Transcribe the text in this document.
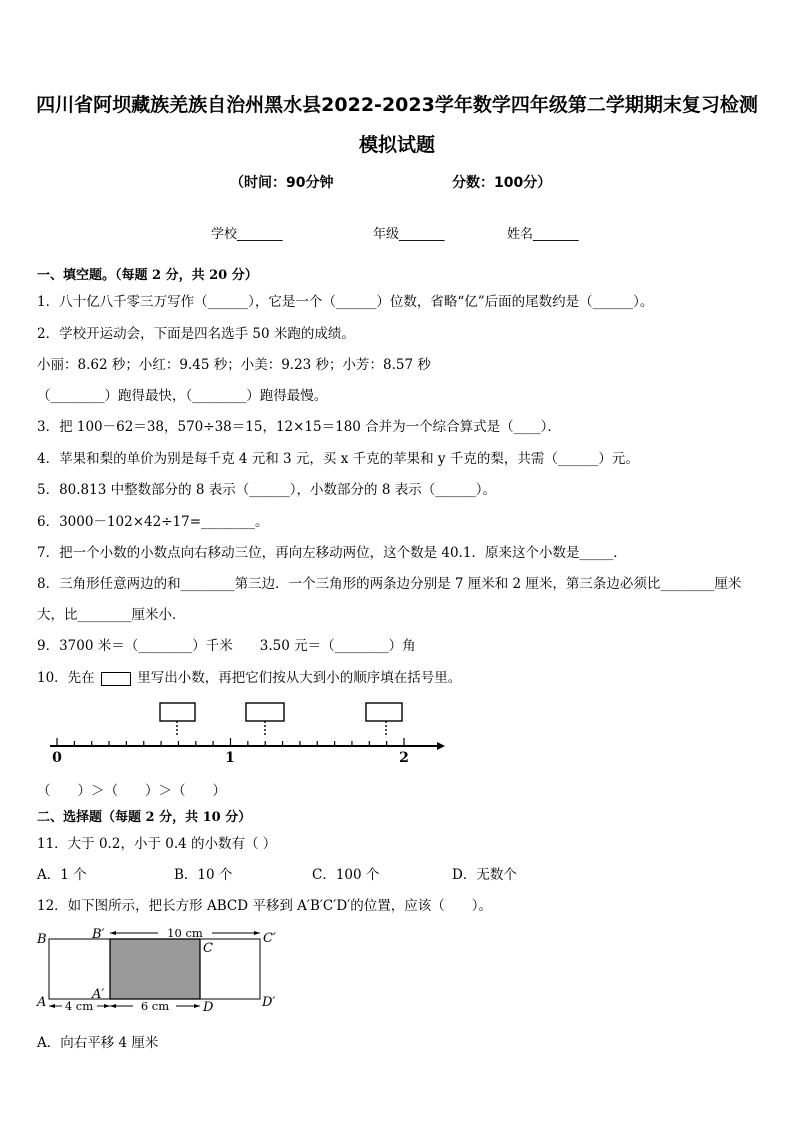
四川省阿坝藏族羌族自治州黑水县2022-2023学年数学四年级第二学期期末复习检测
模拟试题
（时间：90分钟	分数：100分）
学校_______	年级_______	姓名_______
一、填空题。（每题 2 分，共 20 分）
1．八十亿八千零三万写作（______），它是一个（______）位数，省略“亿”后面的尾数约是（______）。
2．学校开运动会，下面是四名选手 50 米跑的成绩。
小丽：8.62 秒；小红：9.45 秒；小美：9.23 秒；小芳：8.57 秒
（________）跑得最快，（________）跑得最慢。
3．把 100－62＝38，570÷38＝15，12×15＝180 合并为一个综合算式是（____）．
4．苹果和梨的单价为别是每千克 4 元和 3 元，买 x 千克的苹果和 y 千克的梨，共需（______）元。
5．80.813 中整数部分的 8 表示（______），小数部分的 8 表示（______）。
6．3000－102×42÷17=________。
7．把一个小数的小数点向右移动三位，再向左移动两位，这个数是 40.1．原来这个小数是_____．
8．三角形任意两边的和________第三边．一个三角形的两条边分别是 7 厘米和 2 厘米，第三条边必须比________厘米
大，比________厘米小．
9．3700 米＝（________）千米　　3.50 元＝（________）角
10．先在	里写出小数，再把它们按从大到小的顺序填在括号里。
0	1	2
（　　）＞（　　）＞（　　）
二、选择题（每题 2 分，共 10 分）
11．大于 0.2，小于 0.4 的小数有（ ）
A．1 个	B．10 个	C．100 个	D．无数个
12．如下图所示，把长方形 ABCD 平移到 A′B′C′D′的位置，应该（　　）。
B	B′
C
C′
A
A′
D	D′
10 cm
4 cm	6 cm
A．向右平移 4 厘米
